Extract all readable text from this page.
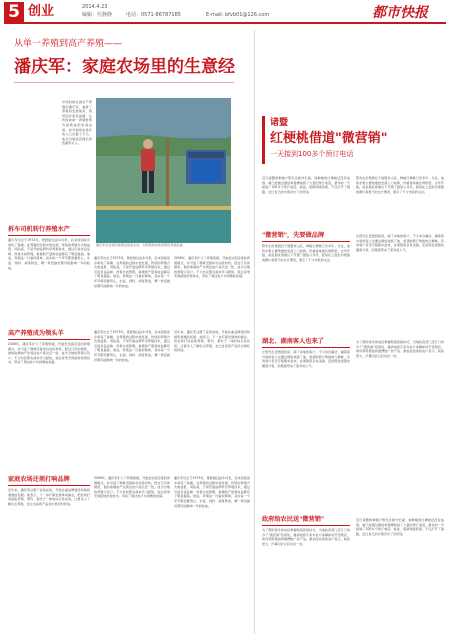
5 创业	2014.4.23
编辑：任静静	电话：0571-86787185	E-mail: bfvb01@126.com	都市快报
从单一养殖到高产养殖——
潘庆军：家庭农场里的生意经
早些时候在做水产养殖的潘庆军，看准了养殖的发展前景，毅然回乡承包鱼塘，从传统的单一养殖转型为高效益的家庭农场。如今他的农场年收入已达数十万元，成为当地远近闻名的致富带头人。
潘庆军在自家的鱼塘边查看水质，为即将到来的养殖旺季做准备。
拆车司机转行养殖水产
潘庆军出生于1973年，曾经做过货车司机，后来回到家乡承包了鱼塘。在养殖的过程中他发现，传统的养殖方式效益低、风险高，于是开始钻研科学养殖技术，通过引进优良品种、改善水质管理，鱼塘的产量和收益都有了明显提高。他说，养殖这一行看似简单，其实每一个环节都需要用心，水温、饲料、病害防治，哪一样没做好都可能影响一年的收成。
潘庆军出生于1973年，曾经做过货车司机，后来回到家乡承包了鱼塘。在养殖的过程中他发现，传统的养殖方式效益低、风险高，于是开始钻研科学养殖技术，通过引进优良品种、改善水质管理，鱼塘的产量和收益都有了明显提高。他说，养殖这一行看似简单，其实每一个环节都需要用心，水温、饲料、病害防治，哪一样没做好都可能影响一年的收成。
2006年，潘庆军扩大了养殖规模，开始尝试高密度的养殖模式，并引进了增氧设备和自动投料机。经过几年的摸索，他的鱼塘亩产比周边农户高出近一倍，成为当地的养殖示范户。不少村民慕名前来学习经验，他总是毫无保留地传授技术，带动了周边农户共同增收致富。
高产养殖成为领头羊
2006年，潘庆军扩大了养殖规模，开始尝试高密度的养殖模式，并引进了增氧设备和自动投料机。经过几年的摸索，他的鱼塘亩产比周边农户高出近一倍，成为当地的养殖示范户。不少村民慕名前来学习经验，他总是毫无保留地传授技术，带动了周边农户共同增收致富。
潘庆军出生于1973年，曾经做过货车司机，后来回到家乡承包了鱼塘。在养殖的过程中他发现，传统的养殖方式效益低、风险高，于是开始钻研科学养殖技术，通过引进优良品种、改善水质管理，鱼塘的产量和收益都有了明显提高。他说，养殖这一行看似简单，其实每一个环节都需要用心，水温、饲料、病害防治，哪一样没做好都可能影响一年的收成。
近年来，潘庆军注册了家庭农场，开始注重品牌建设和销售渠道的拓展。他表示，下一步打算发展休闲渔业，把农场打造成集养殖、垂钓、观光于一体的综合性农场，让更多人了解生态养殖，也让自家的产品卖出更好的价钱。
家庭农场还须打响品牌
近年来，潘庆军注册了家庭农场，开始注重品牌建设和销售渠道的拓展。他表示，下一步打算发展休闲渔业，把农场打造成集养殖、垂钓、观光于一体的综合性农场，让更多人了解生态养殖，也让自家的产品卖出更好的价钱。
2006年，潘庆军扩大了养殖规模，开始尝试高密度的养殖模式，并引进了增氧设备和自动投料机。经过几年的摸索，他的鱼塘亩产比周边农户高出近一倍，成为当地的养殖示范户。不少村民慕名前来学习经验，他总是毫无保留地传授技术，带动了周边农户共同增收致富。
潘庆军出生于1973年，曾经做过货车司机，后来回到家乡承包了鱼塘。在养殖的过程中他发现，传统的养殖方式效益低、风险高，于是开始钻研科学养殖技术，通过引进优良品种、改善水质管理，鱼塘的产量和收益都有了明显提高。他说，养殖这一行看似简单，其实每一个环节都需要用心，水温、饲料、病害防治，哪一样没做好都可能影响一年的收成。
诸暨
红梗桃借道"微营销"
一天接到100多个预订电话
近日诸暨的种植户陈先生格外忙碌，他种植的红梗桃还没有成熟，就已经通过微信和微博接到了大量的预订电话，最多的一天接到了100多个预订电话。他说，借助网络营销，不仅打开了销路，还让自己的水果卖出了好价钱。
陈先生的果园位于诸暨市山区，种植红梗桃已有多年。以往，他的水果主要依靠批发商上门收购，价格常常被压得很低。去年开始，他在朋友的建议下开通了微信公众号，经常在上面发布果园的图片和果子的生长情况，吸引了不少市民的关注。
"微营销"，先要做品牌
陈先生的果园位于诸暨市山区，种植红梗桃已有多年。以往，他的水果主要依靠批发商上门收购，价格常常被压得很低。去年开始，他在朋友的建议下开通了微信公众号，经常在上面发布果园的图片和果子的生长情况，吸引了不少市民的关注。
让陈先生没想到的是，除了本地的客户，不少来自湖北、湖南等外省的客人也通过网络找到了他，希望能够订购他的红梗桃。有的客户甚至专程驱车赶来，在果园里亲自采摘，还拍照发到朋友圈里分享，给果园带来了更多的人气。
湖北、湖南客人也来了
让陈先生没想到的是，除了本地的客户，不少来自湖北、湖南等外省的客人也通过网络找到了他，希望能够订购他的红梗桃。有的客户甚至专程驱车赶来，在果园里亲自采摘，还拍照发到朋友圈里分享，给果园带来了更多的人气。
为了帮助更多的农民掌握网络营销技巧，当地政府部门还专门举办了"微营销"培训班，邀请电商专家为农户讲解如何开设网店、如何利用微信和微博推广农产品。参加过培训的农户表示，收获很大，打算回去以后也试一试。
政府给农民送"微营销"
为了帮助更多的农民掌握网络营销技巧，当地政府部门还专门举办了"微营销"培训班，邀请电商专家为农户讲解如何开设网店、如何利用微信和微博推广农产品。参加过培训的农户表示，收获很大，打算回去以后也试一试。
近日诸暨的种植户陈先生格外忙碌，他种植的红梗桃还没有成熟，就已经通过微信和微博接到了大量的预订电话，最多的一天接到了100多个预订电话。他说，借助网络营销，不仅打开了销路，还让自己的水果卖出了好价钱。
